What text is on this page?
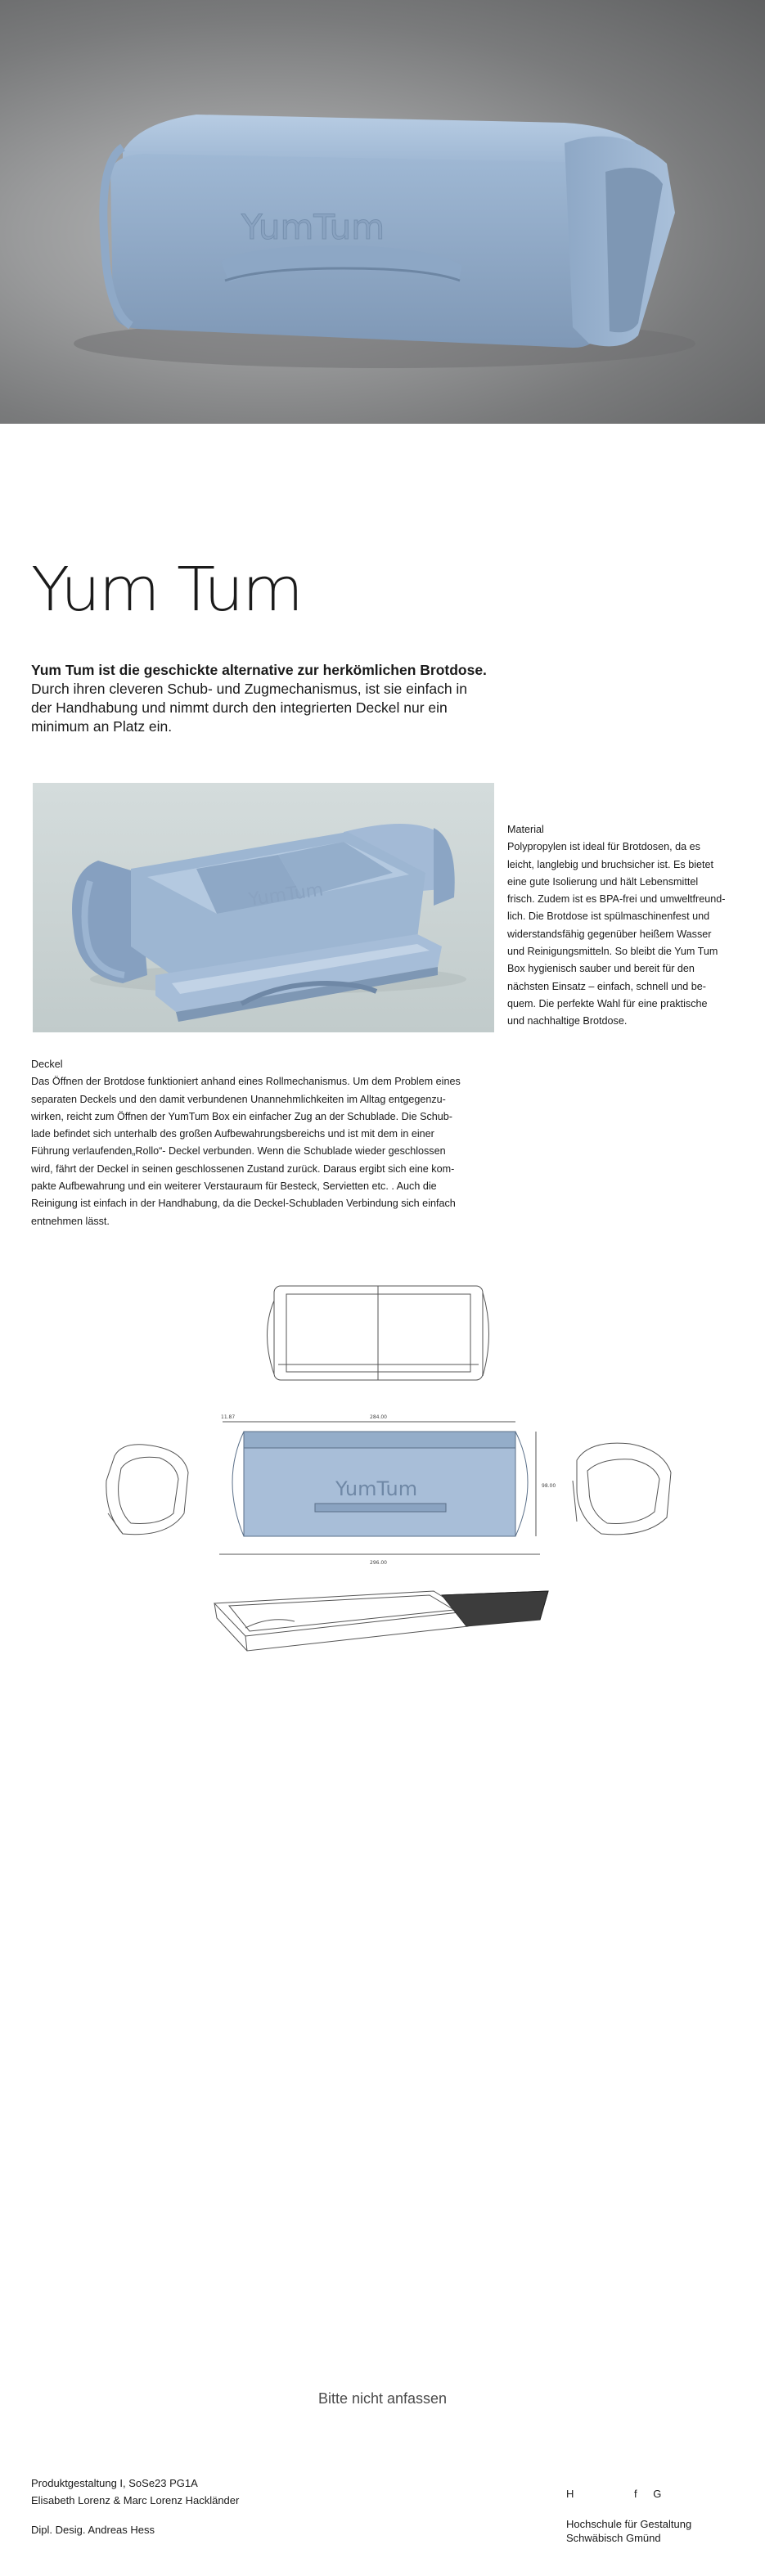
YumTum
Yum Tum
Yum Tum ist die geschickte alternative zur herkömlichen Brotdose.
Durch ihren cleveren Schub- und Zugmechanismus, ist sie einfach in der Handhabung und nimmt durch den integrierten Deckel nur ein minimum an Platz ein.
YumTum
Material
Polypropylen ist ideal für Brotdosen, da es
leicht, langlebig und bruchsicher ist. Es bietet
eine gute Isolierung und hält Lebensmittel
frisch. Zudem ist es BPA-frei und umweltfreund-
lich. Die Brotdose ist spülmaschinenfest und
widerstandsfähig gegenüber heißem Wasser
und Reinigungsmitteln. So bleibt die Yum Tum
Box hygienisch sauber und bereit für den
nächsten Einsatz – einfach, schnell und be-
quem. Die perfekte Wahl für eine praktische
und nachhaltige Brotdose.
Deckel
Das Öffnen der Brotdose funktioniert anhand eines Rollmechanismus. Um dem Problem eines
separaten Deckels und den damit verbundenen Unannehmlichkeiten im Alltag entgegenzu-
wirken, reicht zum Öffnen der YumTum Box ein einfacher Zug an der Schublade. Die Schub-
lade befindet sich unterhalb des großen Aufbewahrungsbereichs und ist mit dem in einer
Führung verlaufenden„Rollo“- Deckel verbunden. Wenn die Schublade wieder geschlossen
wird, fährt der Deckel in seinen geschlossenen Zustand zurück. Daraus ergibt sich eine kom-
pakte Aufbewahrung und ein weiterer Verstauraum für Besteck, Servietten etc. . Auch die
Reinigung ist einfach in der Handhabung, da die Deckel-Schubladen Verbindung sich einfach
entnehmen lässt.
YumTum
11.87	284.00
296.00
98.00
Bitte nicht anfassen
Produktgestaltung I, SoSe23 PG1A
Elisabeth Lorenz & Marc Lorenz Hackländer
Dipl. Desig. Andreas Hess
H	f G
Hochschule für Gestaltung
Schwäbisch Gmünd
